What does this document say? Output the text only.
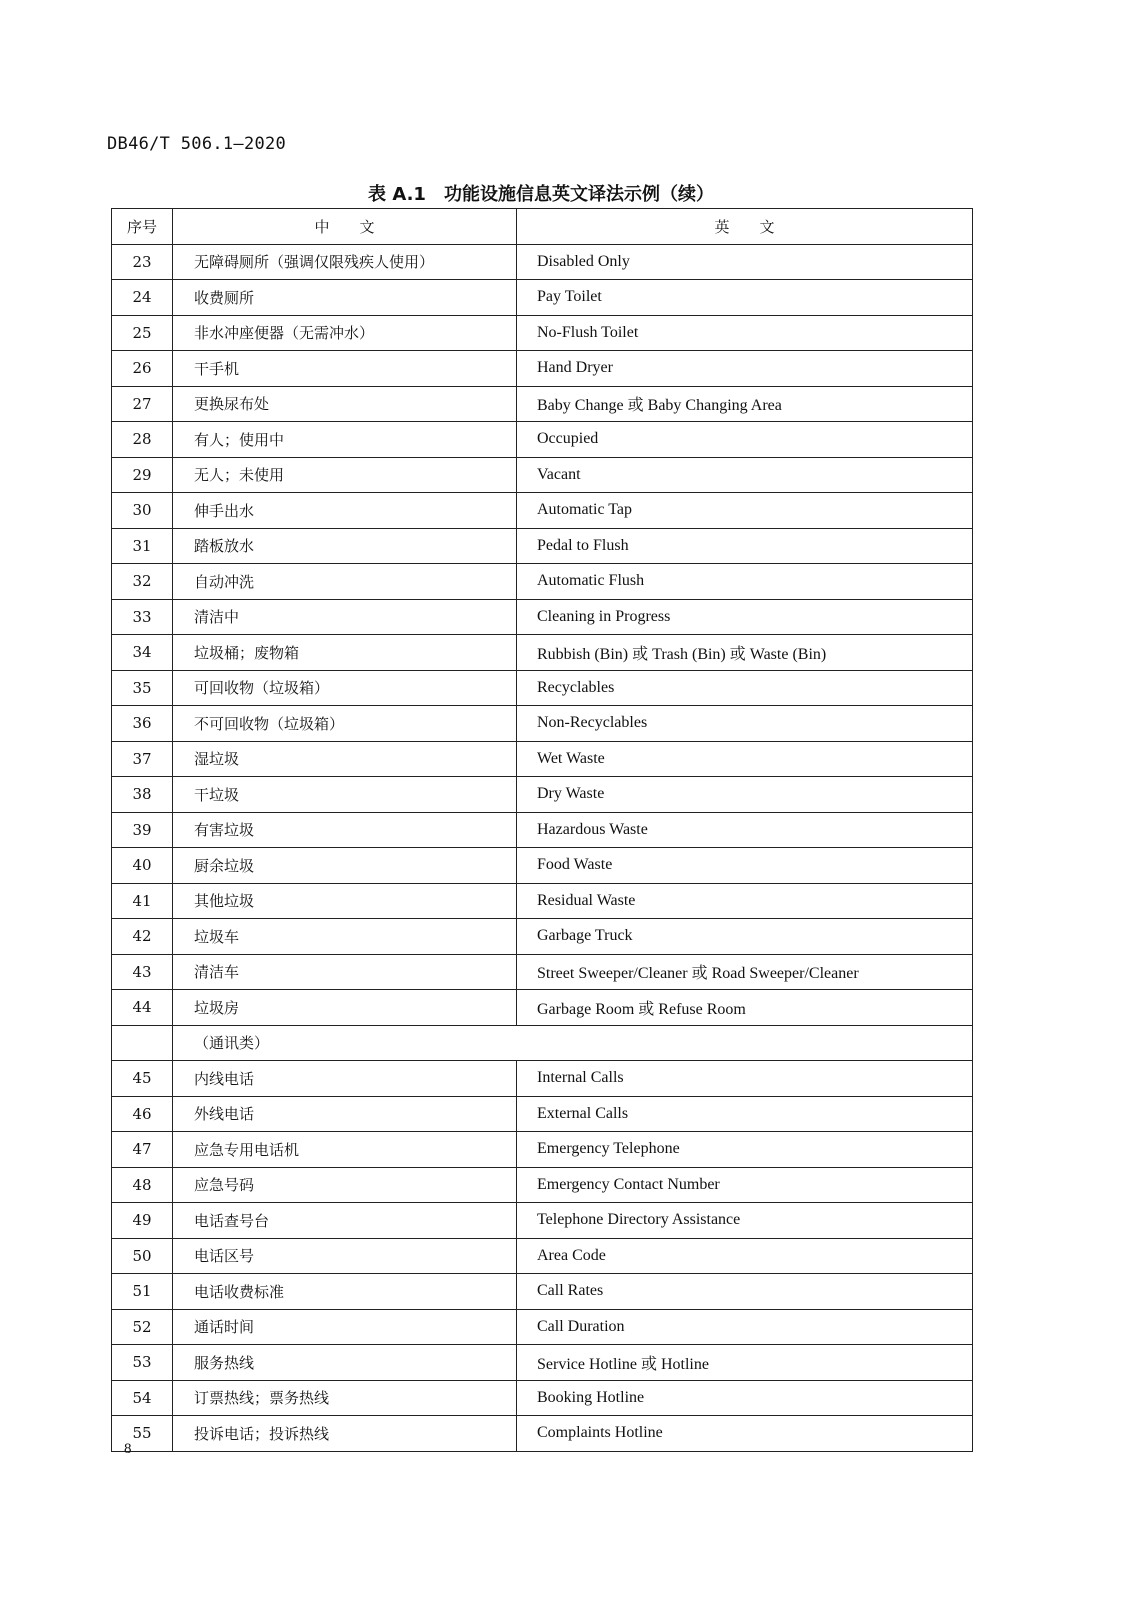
DB46/T 506.1—2020
表 A.1　功能设施信息英文译法示例（续）
序号	中　　文	英　　文
23	无障碍厕所（强调仅限残疾人使用）	Disabled Only
24	收费厕所	Pay Toilet
25	非水冲座便器（无需冲水）	No-Flush Toilet
26	干手机	Hand Dryer
27	更换尿布处	Baby Change 或 Baby Changing Area
28	有人；使用中	Occupied
29	无人；未使用	Vacant
30	伸手出水	Automatic Tap
31	踏板放水	Pedal to Flush
32	自动冲洗	Automatic Flush
33	清洁中	Cleaning in Progress
34	垃圾桶；废物箱	Rubbish (Bin) 或 Trash (Bin) 或 Waste (Bin)
35	可回收物（垃圾箱）	Recyclables
36	不可回收物（垃圾箱）	Non-Recyclables
37	湿垃圾	Wet Waste
38	干垃圾	Dry Waste
39	有害垃圾	Hazardous Waste
40	厨余垃圾	Food Waste
41	其他垃圾	Residual Waste
42	垃圾车	Garbage Truck
43	清洁车	Street Sweeper/Cleaner 或 Road Sweeper/Cleaner
44	垃圾房	Garbage Room 或 Refuse Room
	（通讯类）	
45	内线电话	Internal Calls
46	外线电话	External Calls
47	应急专用电话机	Emergency Telephone
48	应急号码	Emergency Contact Number
49	电话查号台	Telephone Directory Assistance
50	电话区号	Area Code
51	电话收费标准	Call Rates
52	通话时间	Call Duration
53	服务热线	Service Hotline 或 Hotline
54	订票热线；票务热线	Booking Hotline
55	投诉电话；投诉热线	Complaints Hotline
8
